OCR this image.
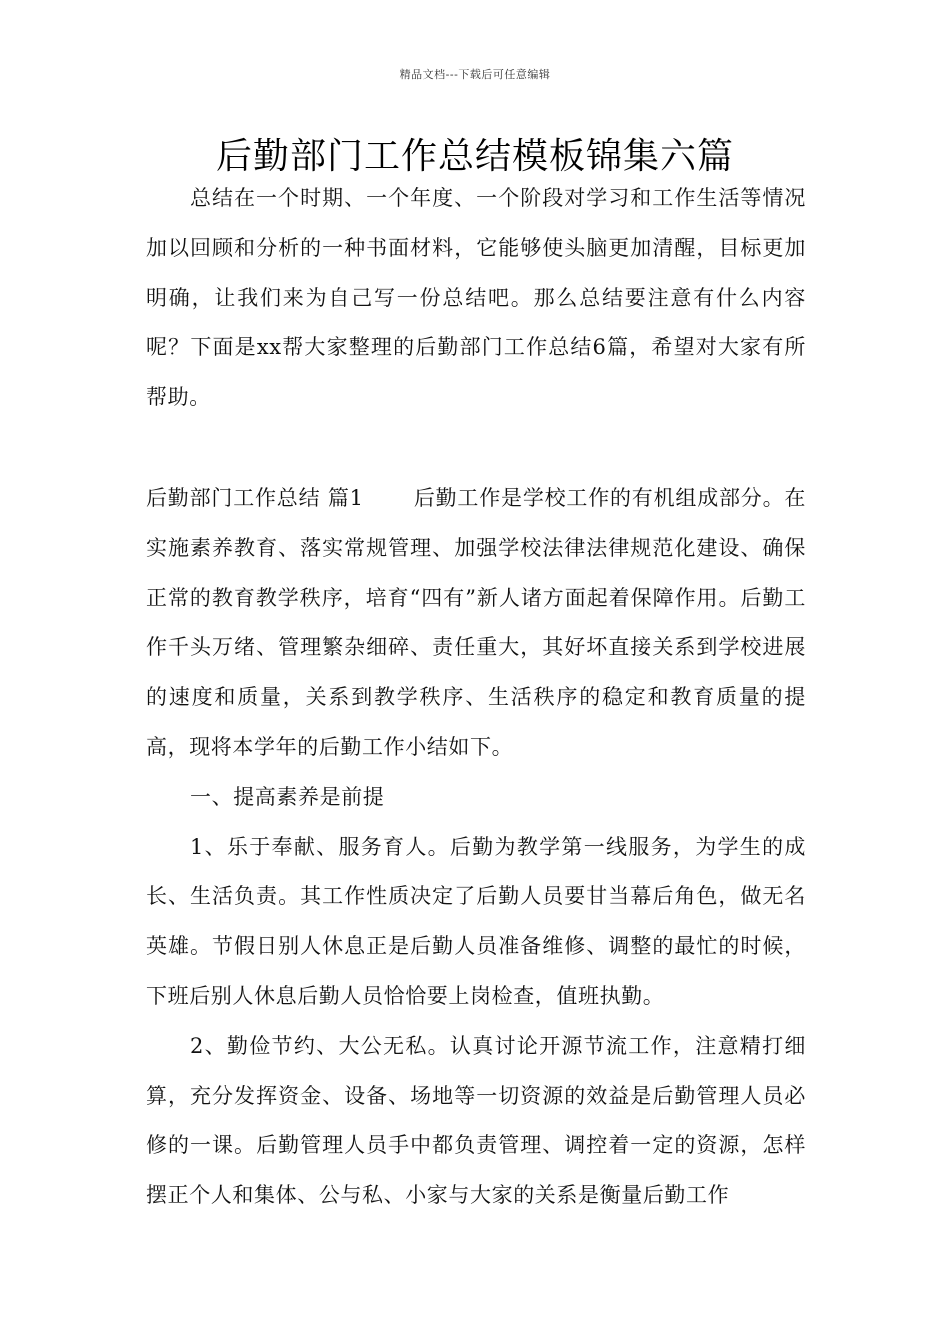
精品文档---下载后可任意编辑
后勤部门工作总结模板锦集六篇

总结在一个时期、一个年度、一个阶段对学习和工作生活等情况加以回顾和分析的一种书面材料，它能够使头脑更加清醒，目标更加明确，让我们来为自己写一份总结吧。那么总结要注意有什么内容呢？下面是xx帮大家整理的后勤部门工作总结6篇，希望对大家有所帮助。

后勤部门工作总结 篇1 后勤工作是学校工作的有机组成部分。在实施素养教育、落实常规管理、加强学校法律法律规范化建设、确保正常的教育教学秩序，培育“四有”新人诸方面起着保障作用。后勤工作千头万绪、管理繁杂细碎、责任重大，其好坏直接关系到学校进展的速度和质量，关系到教学秩序、生活秩序的稳定和教育质量的提高，现将本学年的后勤工作小结如下。

一、提高素养是前提

1、乐于奉献、服务育人。后勤为教学第一线服务，为学生的成长、生活负责。其工作性质决定了后勤人员要甘当幕后角色，做无名英雄。节假日别人休息正是后勤人员准备维修、调整的最忙的时候，下班后别人休息后勤人员恰恰要上岗检查，值班执勤。

2、勤俭节约、大公无私。认真讨论开源节流工作，注意精打细算，充分发挥资金、设备、场地等一切资源的效益是后勤管理人员必修的一课。后勤管理人员手中都负责管理、调控着一定的资源，怎样摆正个人和集体、公与私、小家与大家的关系是衡量后勤工作
